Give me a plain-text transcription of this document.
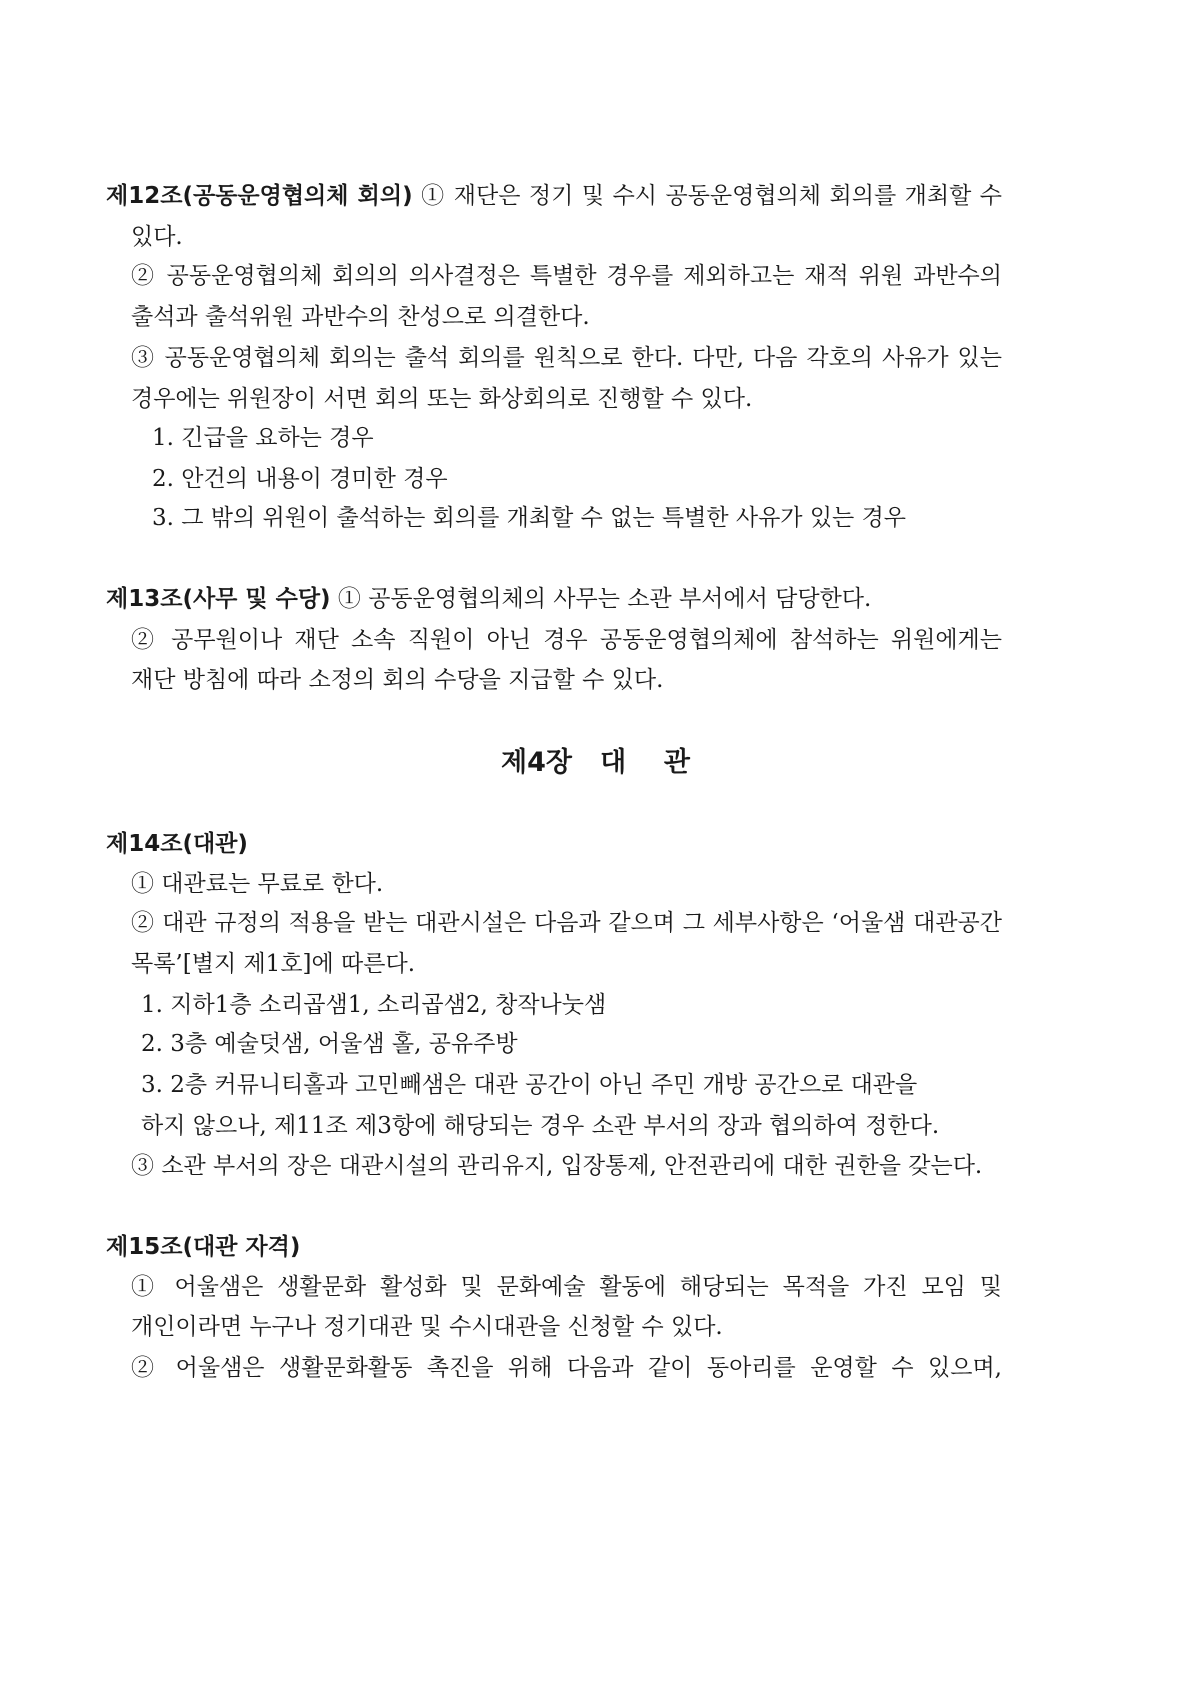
제12조(공동운영협의체 회의) ① 재단은 정기 및 수시 공동운영협의체 회의를 개최할 수
있다.
② 공동운영협의체 회의의 의사결정은 특별한 경우를 제외하고는 재적 위원 과반수의
출석과 출석위원 과반수의 찬성으로 의결한다.
③ 공동운영협의체 회의는 출석 회의를 원칙으로 한다. 다만, 다음 각호의 사유가 있는
경우에는 위원장이 서면 회의 또는 화상회의로 진행할 수 있다.
1. 긴급을 요하는 경우
2. 안건의 내용이 경미한 경우
3. 그 밖의 위원이 출석하는 회의를 개최할 수 없는 특별한 사유가 있는 경우
제13조(사무 및 수당) ① 공동운영협의체의 사무는 소관 부서에서 담당한다.
② 공무원이나 재단 소속 직원이 아닌 경우 공동운영협의체에 참석하는 위원에게는
재단 방침에 따라 소정의 회의 수당을 지급할 수 있다.
제4장   대    관
제14조(대관)
① 대관료는 무료로 한다.
② 대관 규정의 적용을 받는 대관시설은 다음과 같으며 그 세부사항은 ‘어울샘 대관공간
목록’[별지 제1호]에 따른다.
1. 지하1층 소리곱샘1, 소리곱샘2, 창작나눗샘
2. 3층 예술덧샘, 어울샘 홀, 공유주방
3. 2층 커뮤니티홀과 고민빼샘은 대관 공간이 아닌 주민 개방 공간으로 대관을
하지 않으나, 제11조 제3항에 해당되는 경우 소관 부서의 장과 협의하여 정한다.
③ 소관 부서의 장은 대관시설의 관리유지, 입장통제, 안전관리에 대한 권한을 갖는다.
제15조(대관 자격)
① 어울샘은 생활문화 활성화 및 문화예술 활동에 해당되는 목적을 가진 모임 및
개인이라면 누구나 정기대관 및 수시대관을 신청할 수 있다.
② 어울샘은 생활문화활동 촉진을 위해 다음과 같이 동아리를 운영할 수 있으며,
